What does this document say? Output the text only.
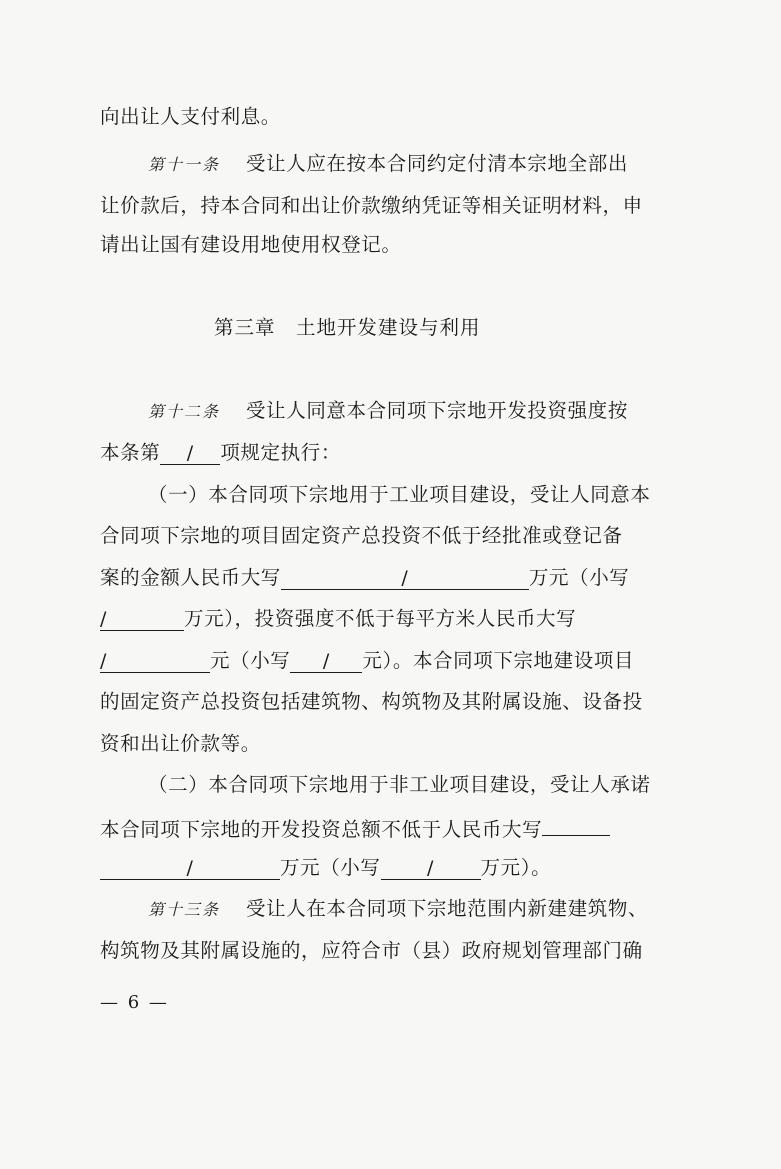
向出让人支付利息。
第十一条 受让人应在按本合同约定付清本宗地全部出
让价款后，持本合同和出让价款缴纳凭证等相关证明材料，申
请出让国有建设用地使用权登记。
第三章　土地开发建设与利用
第十二条 受让人同意本合同项下宗地开发投资强度按
本条第 / 项规定执行：
（一）本合同项下宗地用于工业项目建设，受让人同意本
合同项下宗地的项目固定资产总投资不低于经批准或登记备
案的金额人民币大写	/	万元（小写
/	万元），投资强度不低于每平方米人民币大写
/	元（小写 / 元）。本合同项下宗地建设项目
的固定资产总投资包括建筑物、构筑物及其附属设施、设备投
资和出让价款等。
（二）本合同项下宗地用于非工业项目建设，受让人承诺
本合同项下宗地的开发投资总额不低于人民币大写
/	万元（小写 / 万元）。
第十三条 受让人在本合同项下宗地范围内新建建筑物、
构筑物及其附属设施的，应符合市（县）政府规划管理部门确
— 6 —
